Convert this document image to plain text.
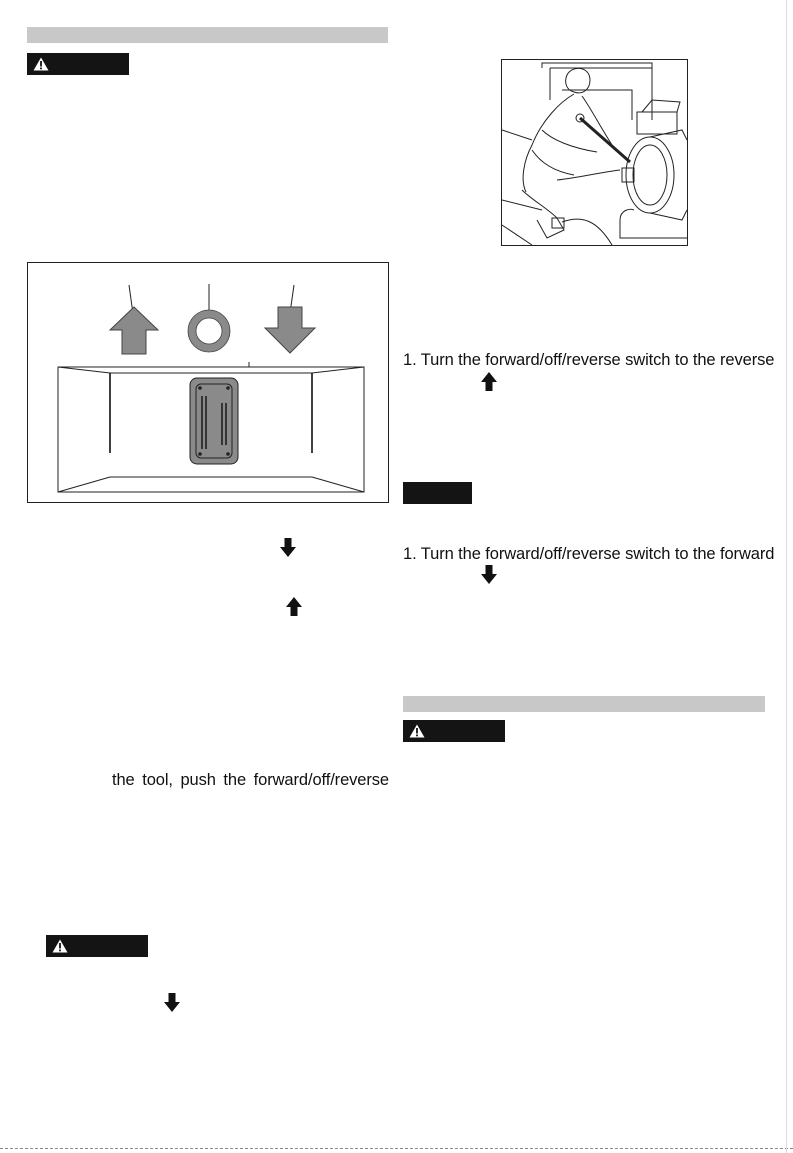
the tool, push the forward/off/reverse
1. Turn the forward/off/reverse switch to the reverse
1. Turn the forward/off/reverse switch to the forward
